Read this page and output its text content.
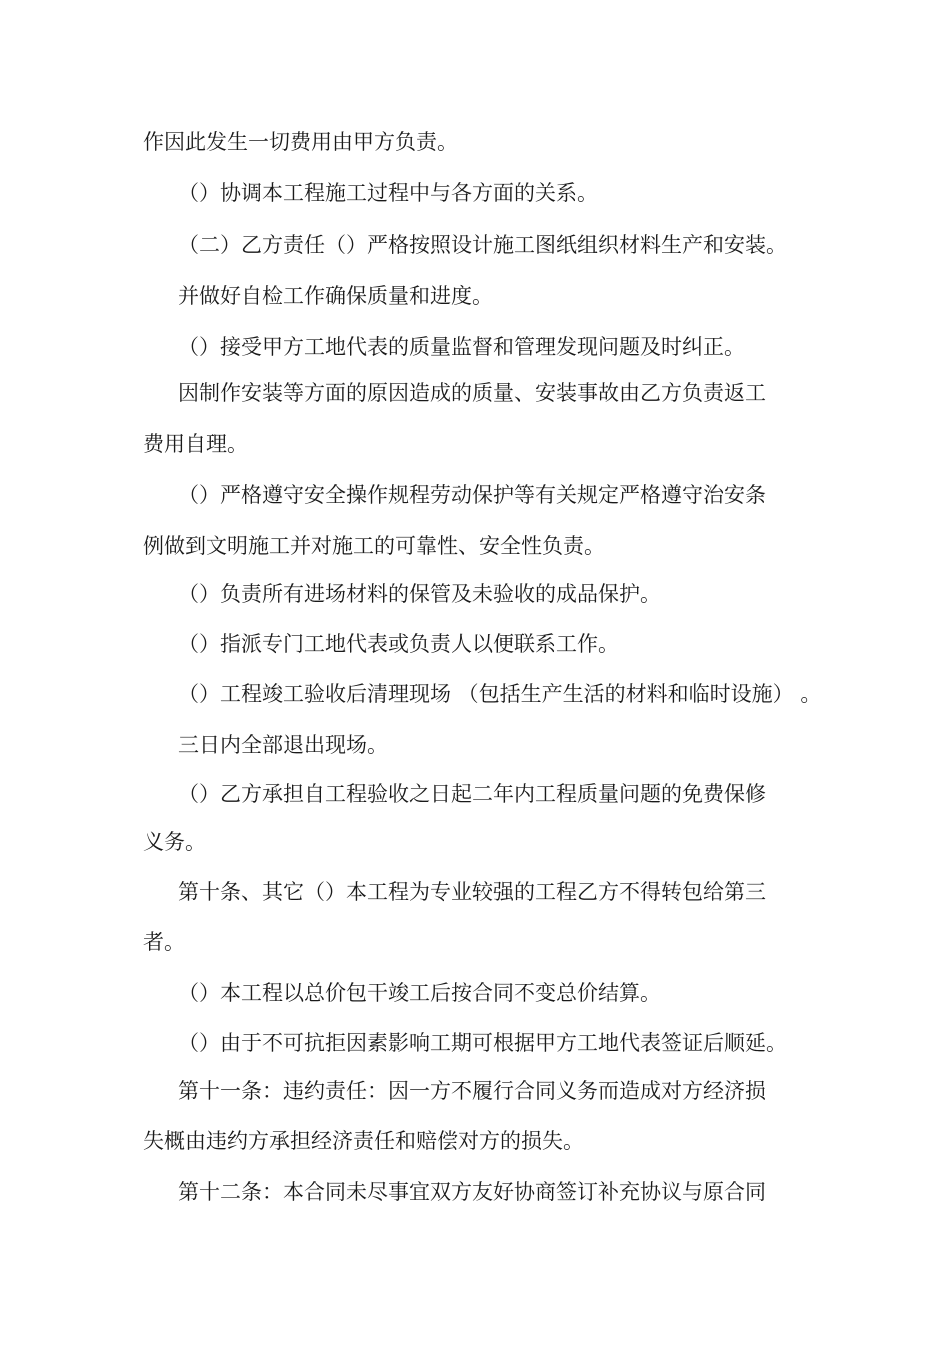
作因此发生一切费用由甲方负责。

（）协调本工程施工过程中与各方面的关系。

（二）乙方责任（）严格按照设计施工图纸组织材料生产和安装。

并做好自检工作确保质量和进度。

（）接受甲方工地代表的质量监督和管理发现问题及时纠正。

因制作安装等方面的原因造成的质量、安装事故由乙方负责返工

费用自理。

（）严格遵守安全操作规程劳动保护等有关规定严格遵守治安条

例做到文明施工并对施工的可靠性、安全性负责。

（）负责所有进场材料的保管及未验收的成品保护。

（）指派专门工地代表或负责人以便联系工作。

（）工程竣工验收后清理现场 （包括生产生活的材料和临时设施） 。

三日内全部退出现场。

（）乙方承担自工程验收之日起二年内工程质量问题的免费保修

义务。

第十条、其它（）本工程为专业较强的工程乙方不得转包给第三

者。

（）本工程以总价包干竣工后按合同不变总价结算。

（）由于不可抗拒因素影响工期可根据甲方工地代表签证后顺延。

第十一条：违约责任：因一方不履行合同义务而造成对方经济损

失概由违约方承担经济责任和赔偿对方的损失。

第十二条：本合同未尽事宜双方友好协商签订补充协议与原合同
